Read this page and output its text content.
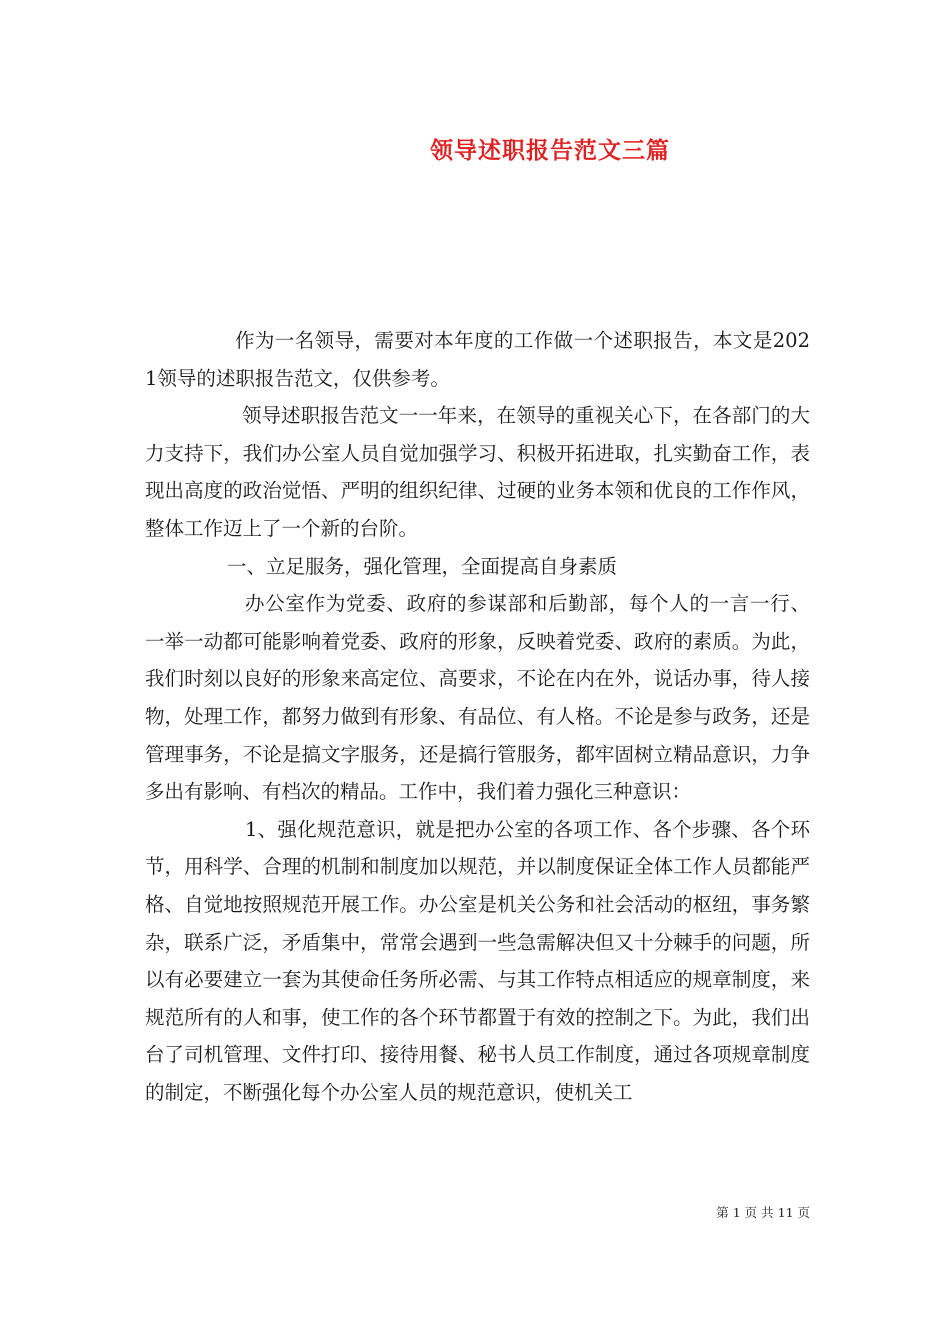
领导述职报告范文三篇

作为一名领导，需要对本年度的工作做一个述职报告，本文是2021领导的述职报告范文，仅供参考。

领导述职报告范文一一年来，在领导的重视关心下，在各部门的大力支持下，我们办公室人员自觉加强学习、积极开拓进取，扎实勤奋工作，表现出高度的政治觉悟、严明的组织纪律、过硬的业务本领和优良的工作作风，整体工作迈上了一个新的台阶。

一、立足服务，强化管理，全面提高自身素质

办公室作为党委、政府的参谋部和后勤部，每个人的一言一行、一举一动都可能影响着党委、政府的形象，反映着党委、政府的素质。为此，我们时刻以良好的形象来高定位、高要求，不论在内在外，说话办事，待人接物，处理工作，都努力做到有形象、有品位、有人格。不论是参与政务，还是管理事务，不论是搞文字服务，还是搞行管服务，都牢固树立精品意识，力争多出有影响、有档次的精品。工作中，我们着力强化三种意识：

1、强化规范意识，就是把办公室的各项工作、各个步骤、各个环节，用科学、合理的机制和制度加以规范，并以制度保证全体工作人员都能严格、自觉地按照规范开展工作。办公室是机关公务和社会活动的枢纽，事务繁杂，联系广泛，矛盾集中，常常会遇到一些急需解决但又十分棘手的问题，所以有必要建立一套为其使命任务所必需、与其工作特点相适应的规章制度，来规范所有的人和事，使工作的各个环节都置于有效的控制之下。为此，我们出台了司机管理、文件打印、接待用餐、秘书人员工作制度，通过各项规章制度的制定，不断强化每个办公室人员的规范意识，使机关工

第 1 页 共 11 页
